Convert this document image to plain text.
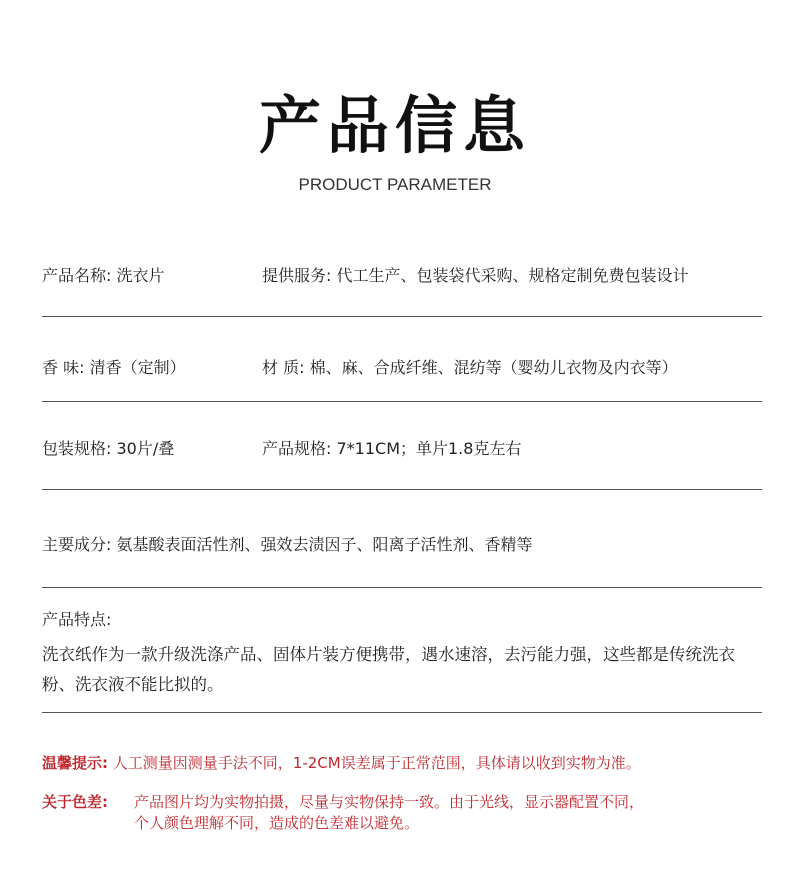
产品信息
PRODUCT PARAMETER
产品名称: 洗衣片	提供服务: 代工生产、包装袋代采购、规格定制免费包装设计
香 味: 清香（定制）	材 质: 棉、麻、合成纤维、混纺等（婴幼儿衣物及内衣等）
包装规格: 30片/叠	产品规格: 7*11CM；单片1.8克左右
主要成分: 氨基酸表面活性剂、强效去渍因子、阳离子活性剂、香精等
产品特点:
洗衣纸作为一款升级洗涤产品、固体片装方便携带，遇水速溶，去污能力强，这些都是传统洗衣粉、洗衣液不能比拟的。
温馨提示: 人工测量因测量手法不同，1-2CM误差属于正常范围，具体请以收到实物为准。
关于色差: 产品图片均为实物拍摄，尽量与实物保持一致。由于光线，显示器配置不同，
个人颜色理解不同，造成的色差难以避免。
